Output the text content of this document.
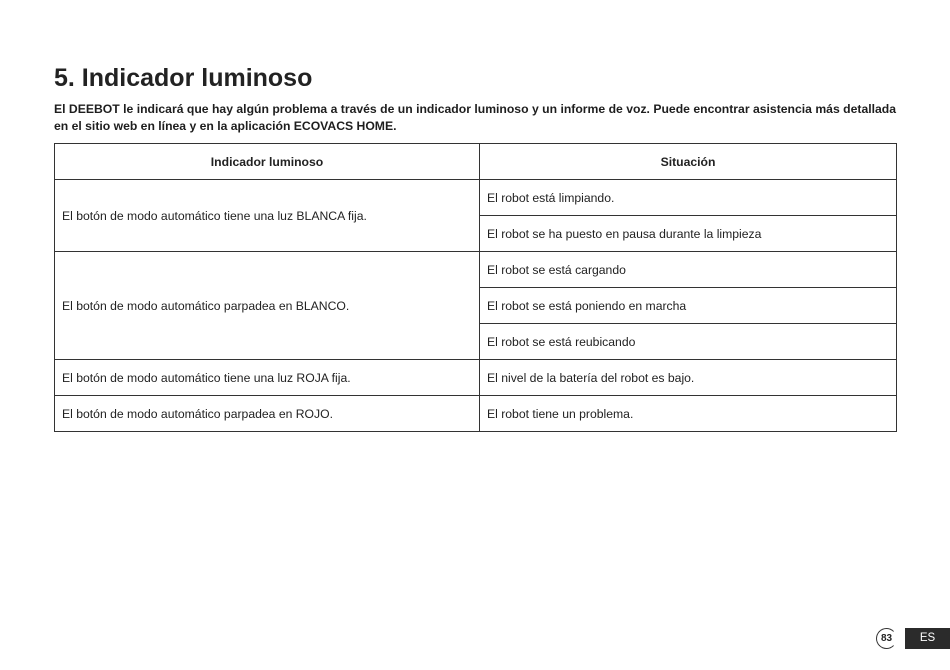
5. Indicador luminoso

El DEEBOT le indicará que hay algún problema a través de un indicador luminoso y un informe de voz. Puede encontrar asistencia más detallada en el sitio web en línea y en la aplicación ECOVACS HOME.

Indicador luminoso	Situación
El botón de modo automático tiene una luz BLANCA fija.	El robot está limpiando.
	El robot se ha puesto en pausa durante la limpieza
El botón de modo automático parpadea en BLANCO.	El robot se está cargando
	El robot se está poniendo en marcha
	El robot se está reubicando
El botón de modo automático tiene una luz ROJA fija.	El nivel de la batería del robot es bajo.
El botón de modo automático parpadea en ROJO.	El robot tiene un problema.
83	ES
